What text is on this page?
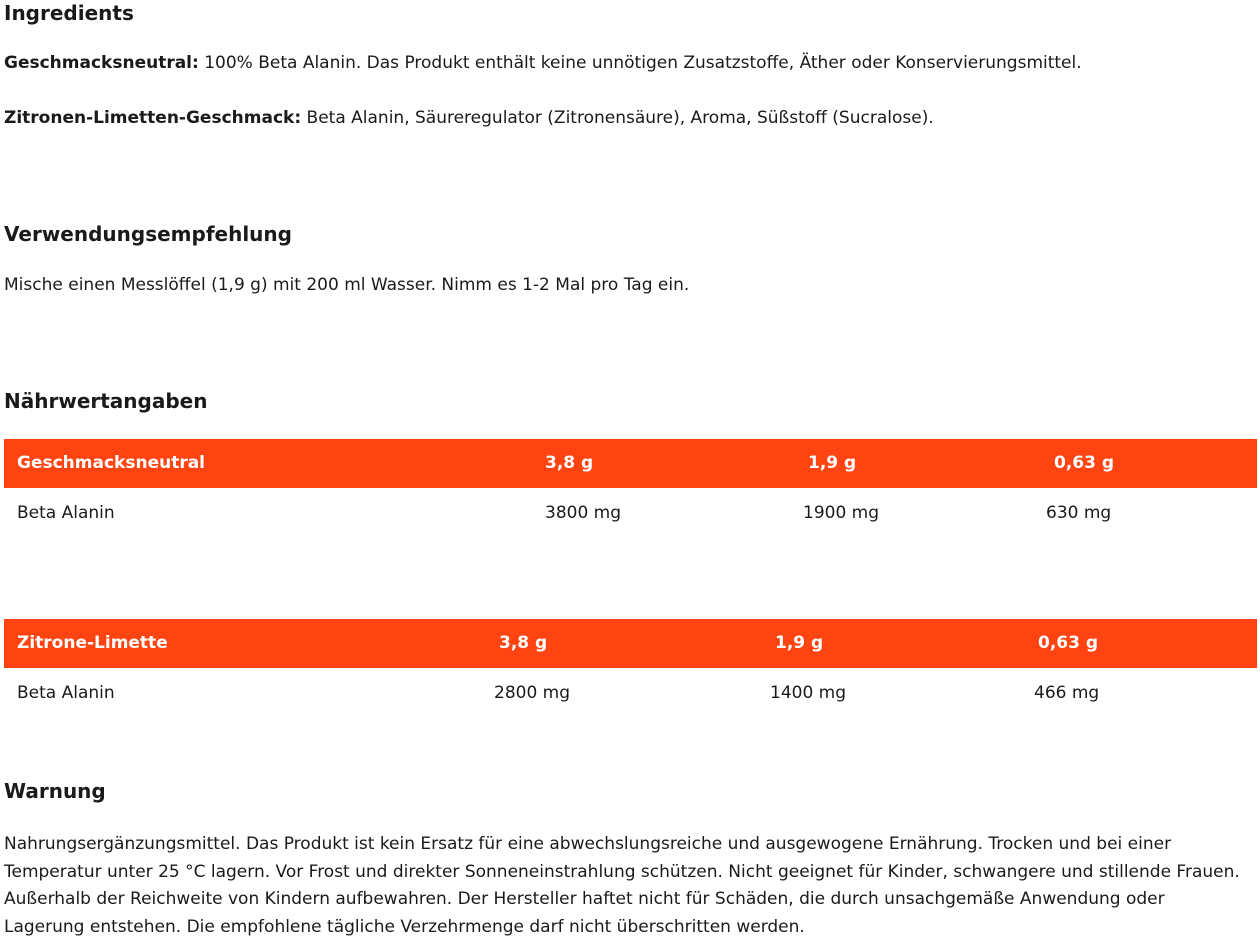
Ingredients

Geschmacksneutral: 100% Beta Alanin. Das Produkt enthält keine unnötigen Zusatzstoffe, Äther oder Konservierungsmittel.

Zitronen-Limetten-Geschmack: Beta Alanin, Säureregulator (Zitronensäure), Aroma, Süßstoff (Sucralose).

Verwendungsempfehlung

Mische einen Messlöffel (1,9 g) mit 200 ml Wasser. Nimm es 1-2 Mal pro Tag ein.

Nährwertangaben
Geschmacksneutral	3,8 g	1,9 g	0,63 g
Beta Alanin	3800 mg	1900 mg	630 mg
Zitrone-Limette	3,8 g	1,9 g	0,63 g
Beta Alanin	2800 mg	1400 mg	466 mg
Warnung

Nahrungsergänzungsmittel. Das Produkt ist kein Ersatz für eine abwechslungsreiche und ausgewogene Ernährung. Trocken und bei einer Temperatur unter 25 °C lagern. Vor Frost und direkter Sonneneinstrahlung schützen. Nicht geeignet für Kinder, schwangere und stillende Frauen. Außerhalb der Reichweite von Kindern aufbewahren. Der Hersteller haftet nicht für Schäden, die durch unsachgemäße Anwendung oder Lagerung entstehen. Die empfohlene tägliche Verzehrmenge darf nicht überschritten werden.
